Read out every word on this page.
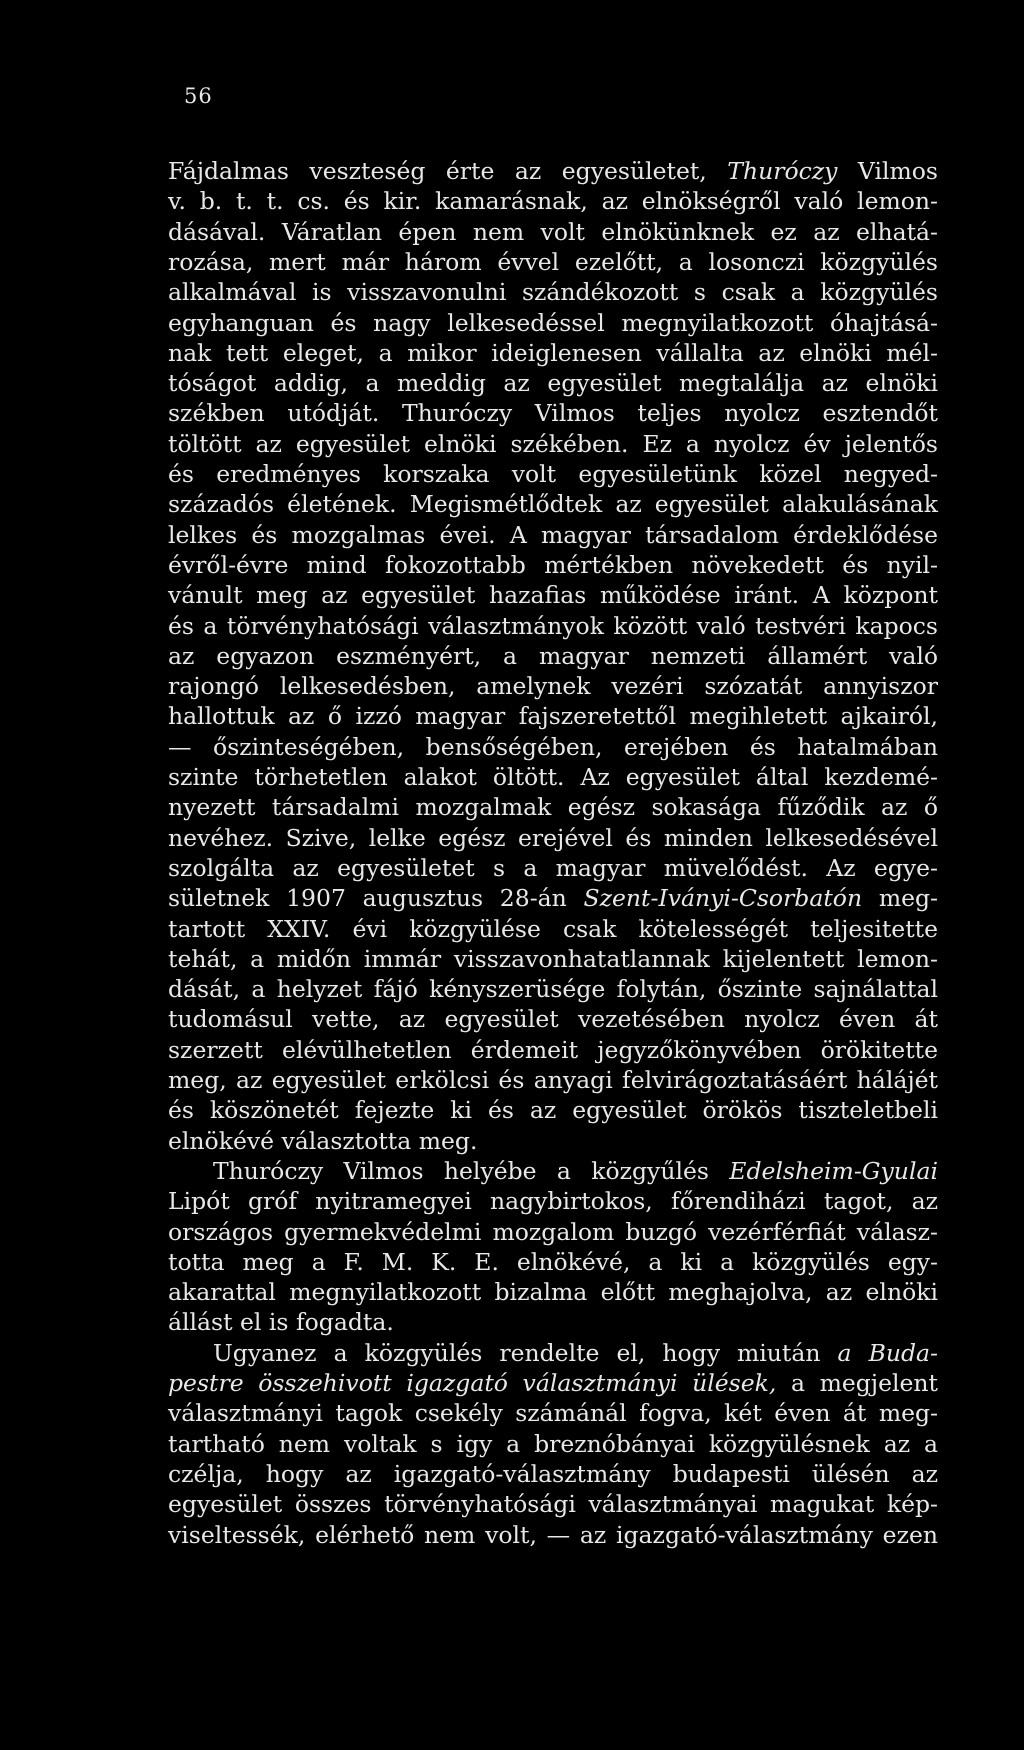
56
Fájdalmas veszteség érte az egyesületet, Thuróczy Vilmos
v. b. t. t. cs. és kir. kamarásnak, az elnökségről való lemon-
dásával. Váratlan épen nem volt elnökünknek ez az elhatá-
rozása, mert már három évvel ezelőtt, a losonczi közgyülés
alkalmával is visszavonulni szándékozott s csak a közgyülés
egyhanguan és nagy lelkesedéssel megnyilatkozott óhajtásá-
nak tett eleget, a mikor ideiglenesen vállalta az elnöki mél-
tóságot addig, a meddig az egyesület megtalálja az elnöki
székben utódját. Thuróczy Vilmos teljes nyolcz esztendőt
töltött az egyesület elnöki székében. Ez a nyolcz év jelentős
és eredményes korszaka volt egyesületünk közel negyed-
századós életének. Megismétlődtek az egyesület alakulásának
lelkes és mozgalmas évei. A magyar társadalom érdeklődése
évről-évre mind fokozottabb mértékben növekedett és nyil-
vánult meg az egyesület hazafias működése iránt. A központ
és a törvényhatósági választmányok között való testvéri kapocs
az egyazon eszményért, a magyar nemzeti államért való
rajongó lelkesedésben, amelynek vezéri szózatát annyiszor
hallottuk az ő izzó magyar fajszeretettől megihletett ajkairól,
— őszinteségében, bensőségében, erejében és hatalmában
szinte törhetetlen alakot öltött. Az egyesület által kezdemé-
nyezett társadalmi mozgalmak egész sokasága fűződik az ő
nevéhez. Szive, lelke egész erejével és minden lelkesedésével
szolgálta az egyesületet s a magyar müvelődést. Az egye-
sületnek 1907 augusztus 28-án Szent-Iványi-Csorbatón meg-
tartott XXIV. évi közgyülése csak kötelességét teljesitette
tehát, a midőn immár visszavonhatatlannak kijelentett lemon-
dását, a helyzet fájó kényszerüsége folytán, őszinte sajnálattal
tudomásul vette, az egyesület vezetésében nyolcz éven át
szerzett elévülhetetlen érdemeit jegyzőkönyvében örökitette
meg, az egyesület erkölcsi és anyagi felvirágoztatásáért hálájét
és köszönetét fejezte ki és az egyesület örökös tiszteletbeli
elnökévé választotta meg.
Thuróczy Vilmos helyébe a közgyűlés Edelsheim-Gyulai
Lipót gróf nyitramegyei nagybirtokos, főrendiházi tagot, az
országos gyermekvédelmi mozgalom buzgó vezérférfiát válasz-
totta meg a F. M. K. E. elnökévé, a ki a közgyülés egy-
akarattal megnyilatkozott bizalma előtt meghajolva, az elnöki
állást el is fogadta.
Ugyanez a közgyülés rendelte el, hogy miután a Buda-
pestre összehivott igazgató választmányi ülések, a megjelent
választmányi tagok csekély számánál fogva, két éven át meg-
tartható nem voltak s igy a breznóbányai közgyülésnek az a
czélja, hogy az igazgató-választmány budapesti ülésén az
egyesület összes törvényhatósági választmányai magukat kép-
viseltessék, elérhető nem volt, — az igazgató-választmány ezen
